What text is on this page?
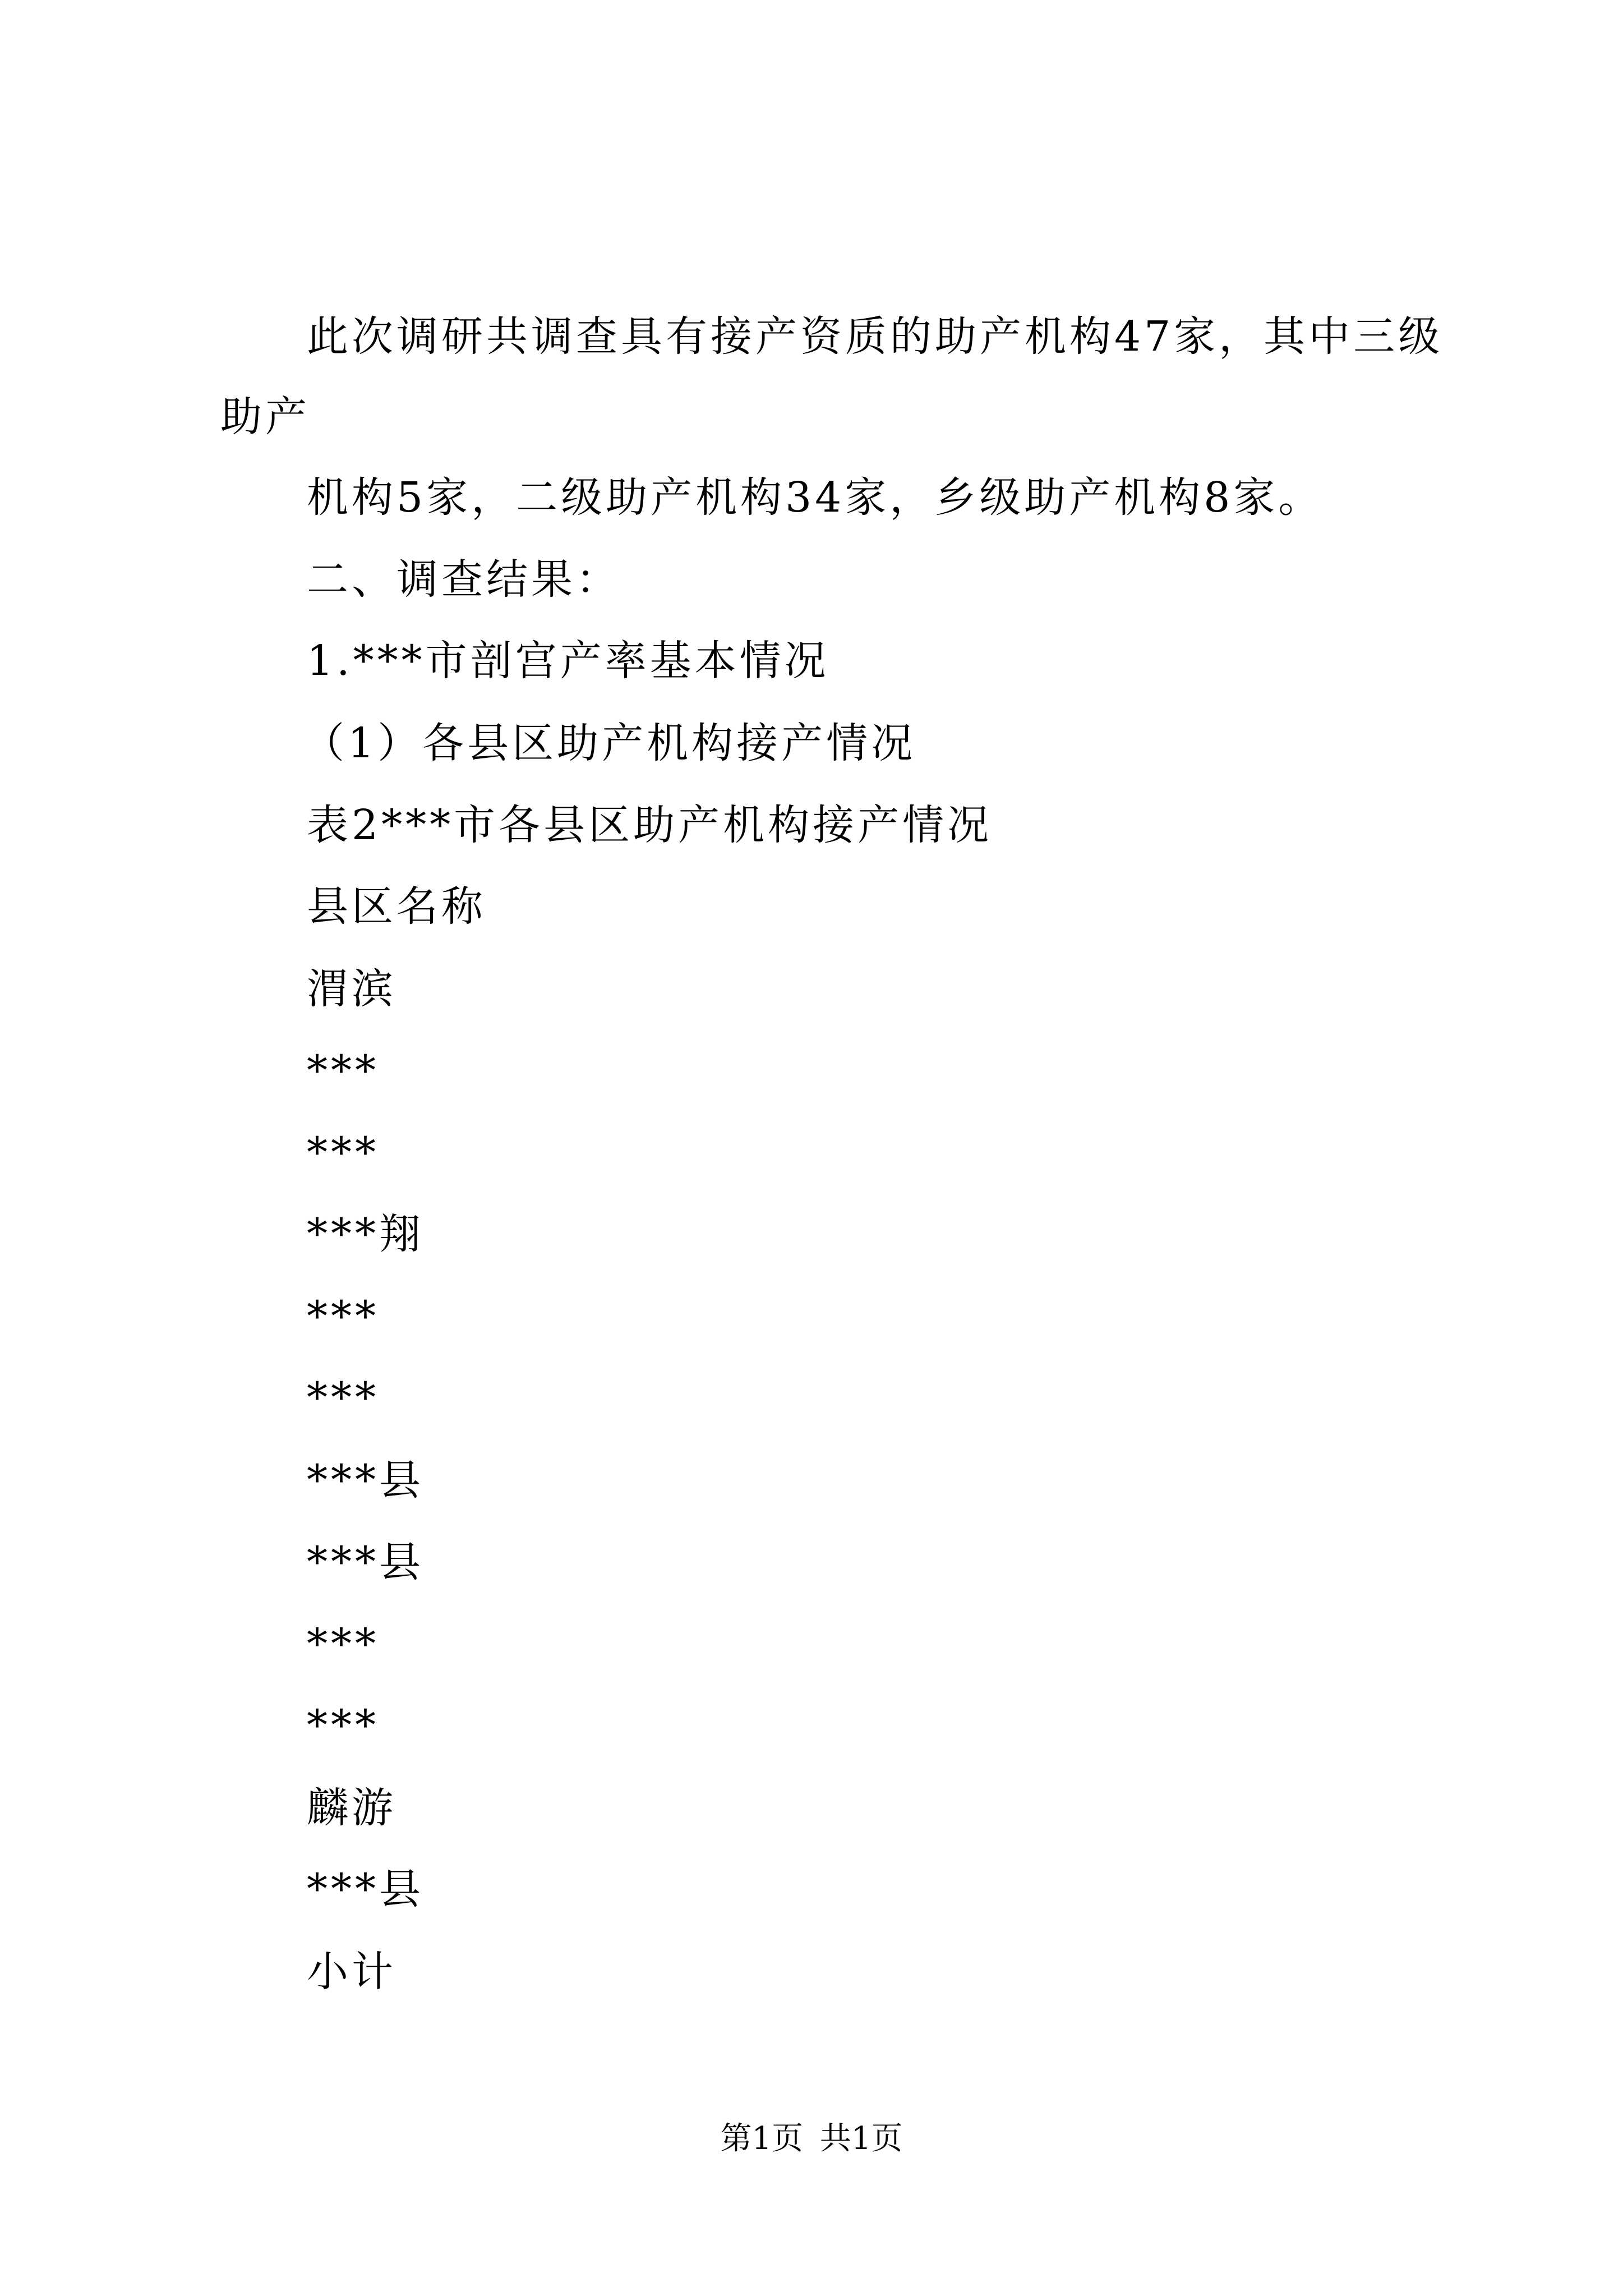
此次调研共调查具有接产资质的助产机构47家，其中三级
助产
机构5家，二级助产机构34家，乡级助产机构8家。
二、调查结果：
1.***市剖宫产率基本情况
（1）各县区助产机构接产情况
表2***市各县区助产机构接产情况
县区名称
渭滨
***
***
***翔
***
***
***县
***县
***
***
麟游
***县
小计
第1页 共1页
